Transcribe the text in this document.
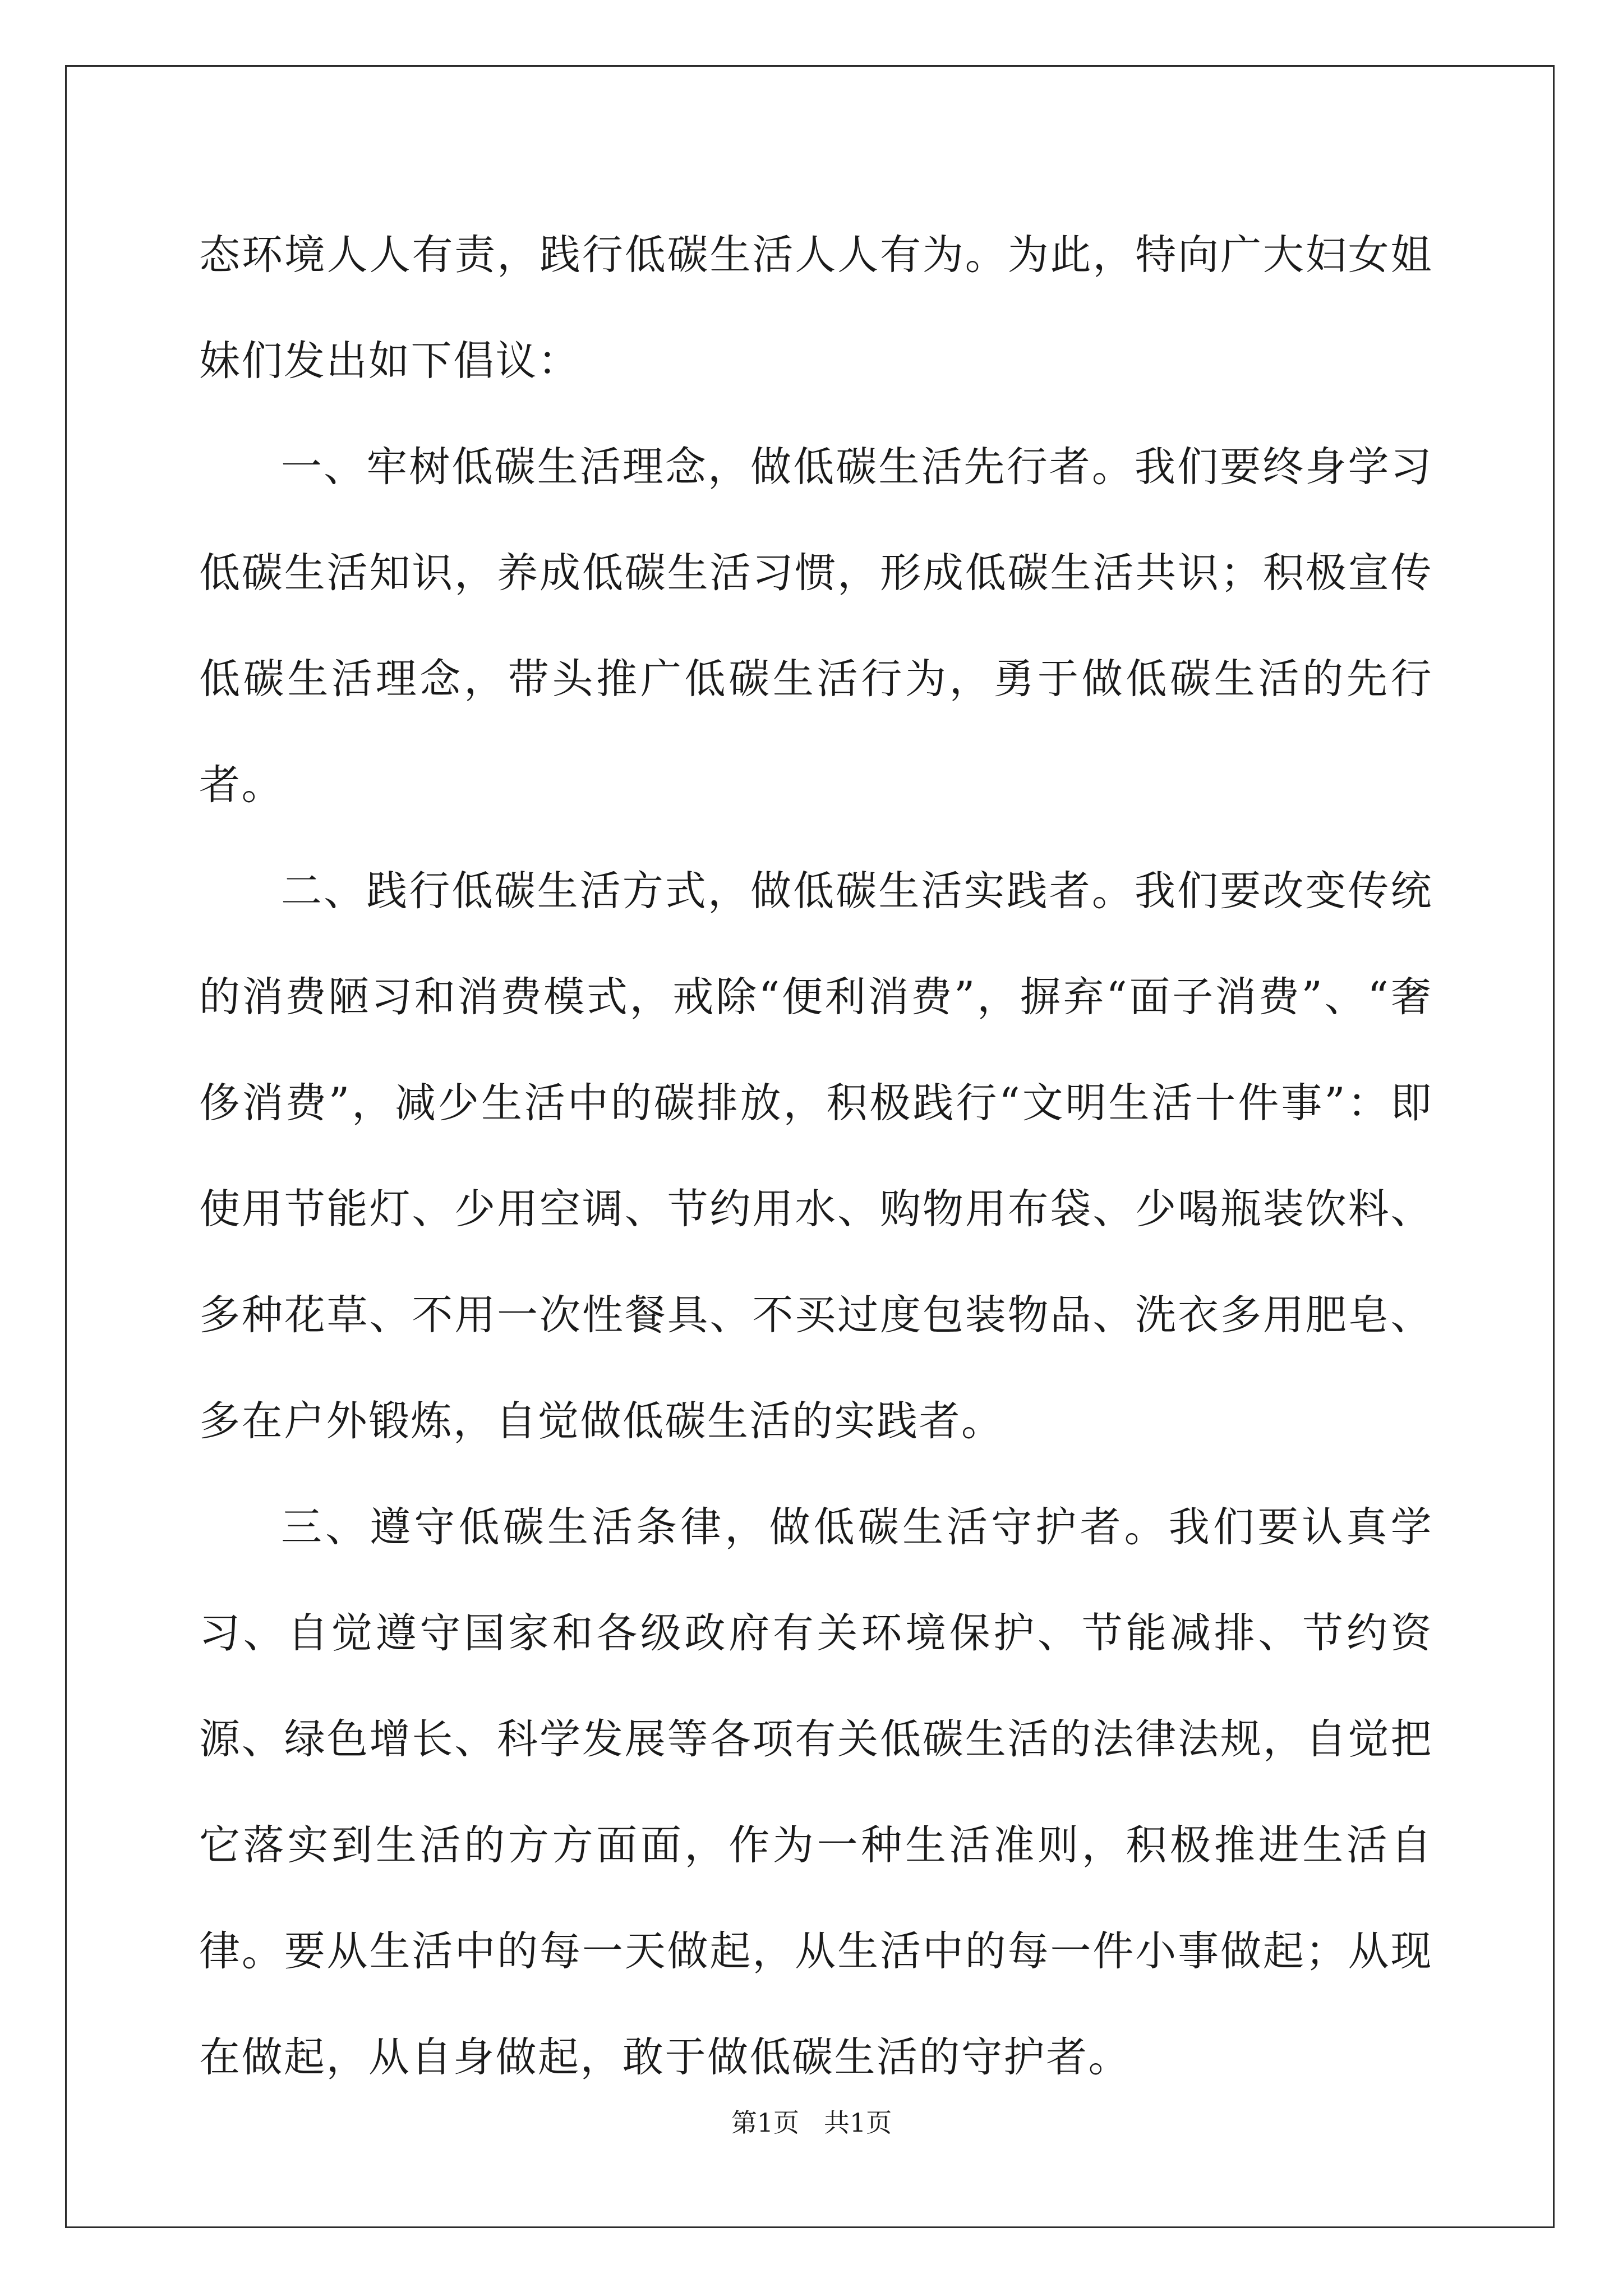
态环境人人有责，践行低碳生活人人有为。为此，特向广大妇女姐妹们发出如下倡议：

一、牢树低碳生活理念，做低碳生活先行者。我们要终身学习低碳生活知识，养成低碳生活习惯，形成低碳生活共识；积极宣传低碳生活理念，带头推广低碳生活行为，勇于做低碳生活的先行者。

二、践行低碳生活方式，做低碳生活实践者。我们要改变传统的消费陋习和消费模式，戒除“便利消费”，摒弃“面子消费”、“奢侈消费”，减少生活中的碳排放，积极践行“文明生活十件事”：即使用节能灯、少用空调、节约用水、购物用布袋、少喝瓶装饮料、多种花草、不用一次性餐具、不买过度包装物品、洗衣多用肥皂、多在户外锻炼，自觉做低碳生活的实践者。

三、遵守低碳生活条律，做低碳生活守护者。我们要认真学习、自觉遵守国家和各级政府有关环境保护、节能减排、节约资源、绿色增长、科学发展等各项有关低碳生活的法律法规，自觉把它落实到生活的方方面面，作为一种生活准则，积极推进生活自律。要从生活中的每一天做起，从生活中的每一件小事做起；从现在做起，从自身做起，敢于做低碳生活的守护者。

第1页 共1页
